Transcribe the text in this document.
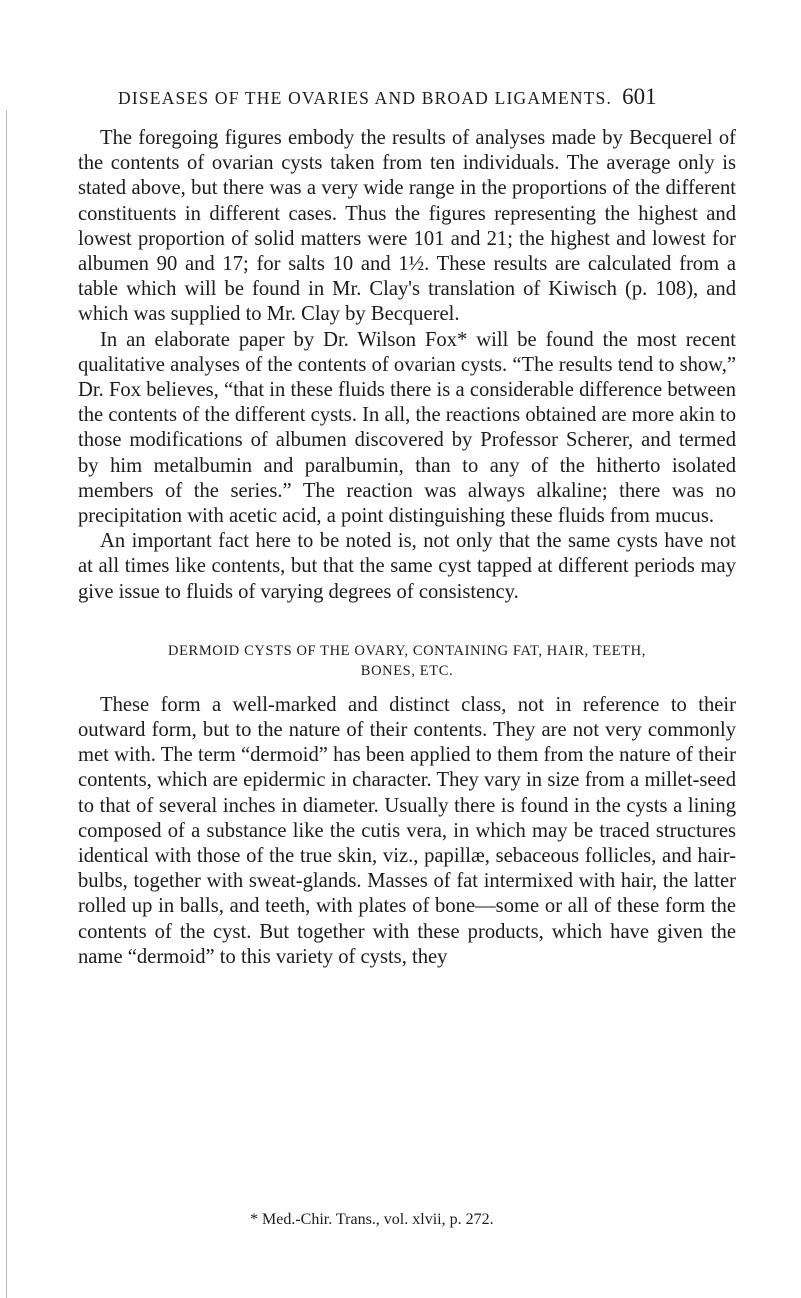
DISEASES OF THE OVARIES AND BROAD LIGAMENTS. 601

The foregoing figures embody the results of analyses made by Becquerel of the contents of ovarian cysts taken from ten individuals. The average only is stated above, but there was a very wide range in the proportions of the different constituents in different cases. Thus the figures representing the highest and lowest proportion of solid matters were 101 and 21; the highest and lowest for albumen 90 and 17; for salts 10 and 1½. These results are calculated from a table which will be found in Mr. Clay's translation of Kiwisch (p. 108), and which was supplied to Mr. Clay by Becquerel.

In an elaborate paper by Dr. Wilson Fox* will be found the most recent qualitative analyses of the contents of ovarian cysts. “The results tend to show,” Dr. Fox believes, “that in these fluids there is a considerable difference between the contents of the different cysts. In all, the reactions obtained are more akin to those modifications of albumen discovered by Professor Scherer, and termed by him metalbumin and paralbumin, than to any of the hitherto isolated members of the series.” The reaction was always alkaline; there was no precipitation with acetic acid, a point distinguishing these fluids from mucus.

An important fact here to be noted is, not only that the same cysts have not at all times like contents, but that the same cyst tapped at different periods may give issue to fluids of varying degrees of consistency.

DERMOID CYSTS OF THE OVARY, CONTAINING FAT, HAIR, TEETH,
BONES, ETC.

These form a well-marked and distinct class, not in reference to their outward form, but to the nature of their contents. They are not very commonly met with. The term “dermoid” has been applied to them from the nature of their contents, which are epidermic in character. They vary in size from a millet-seed to that of several inches in diameter. Usually there is found in the cysts a lining composed of a substance like the cutis vera, in which may be traced structures identical with those of the true skin, viz., papillæ, sebaceous follicles, and hair-bulbs, together with sweat-glands. Masses of fat intermixed with hair, the latter rolled up in balls, and teeth, with plates of bone—some or all of these form the contents of the cyst. But together with these products, which have given the name “dermoid” to this variety of cysts, they

* Med.-Chir. Trans., vol. xlvii, p. 272.
